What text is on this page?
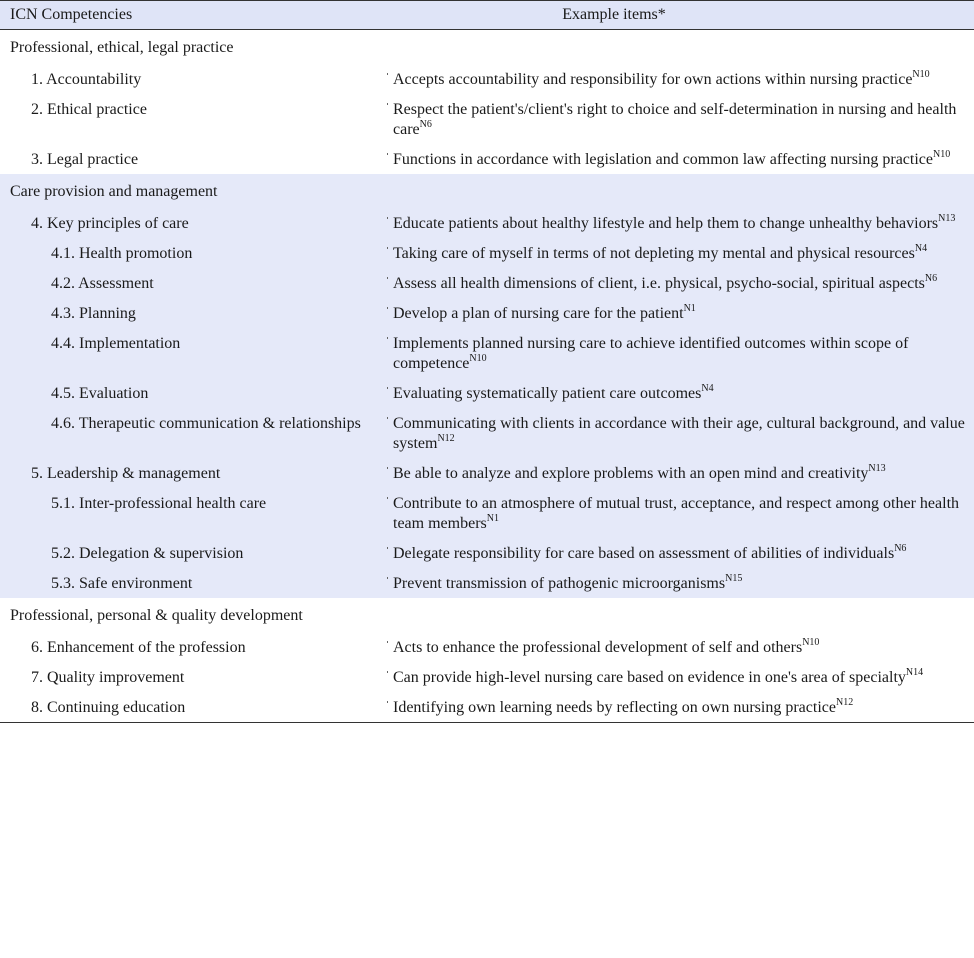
ICN Competencies	Example items*
Professional, ethical, legal practice	

1. Accountability	Accepts accountability and responsibility for own actions within nursing practice$^{N10}$

2. Ethical practice	Respect the patient's/client's right to choice and self-determination in nursing and health care$^{N6}$

3. Legal practice	Functions in accordance with legislation and common law affecting nursing practice$^{N10}$
Care provision and management	

4. Key principles of care	Educate patients about healthy lifestyle and help them to change unhealthy behaviors$^{N13}$

4.1. Health promotion	Taking care of myself in terms of not depleting my mental and physical resources$^{N4}$

4.2. Assessment	Assess all health dimensions of client, i.e. physical, psycho-social, spiritual aspects$^{N6}$

4.3. Planning	Develop a plan of nursing care for the patient$^{N1}$

4.4. Implementation	Implements planned nursing care to achieve identified outcomes within scope of competence$^{N10}$

4.5. Evaluation	Evaluating systematically patient care outcomes$^{N4}$

4.6. Therapeutic communication & relationships	Communicating with clients in accordance with their age, cultural background, and value system$^{N12}$

5. Leadership & management	Be able to analyze and explore problems with an open mind and creativity$^{N13}$

5.1. Inter-professional health care	Contribute to an atmosphere of mutual trust, acceptance, and respect among other health team members$^{N1}$

5.2. Delegation & supervision	Delegate responsibility for care based on assessment of abilities of individuals$^{N6}$

5.3. Safe environment	Prevent transmission of pathogenic microorganisms$^{N15}$
Professional, personal & quality development	

6. Enhancement of the profession	Acts to enhance the professional development of self and others$^{N10}$

7. Quality improvement	Can provide high-level nursing care based on evidence in one's area of specialty$^{N14}$

8. Continuing education	Identifying own learning needs by reflecting on own nursing practice$^{N12}$
